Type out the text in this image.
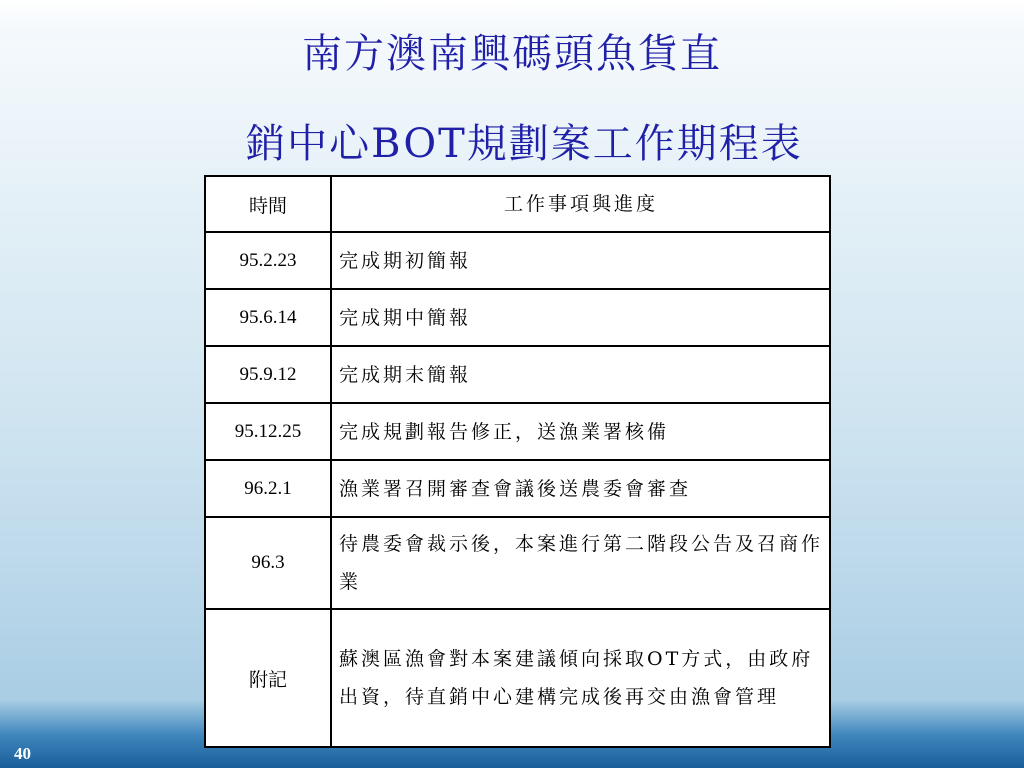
南方澳南興碼頭魚貨直
銷中心BOT規劃案工作期程表
時間	工作事項與進度
95.2.23	完成期初簡報
95.6.14	完成期中簡報
95.9.12	完成期末簡報
95.12.25	完成規劃報告修正，送漁業署核備
96.2.1	漁業署召開審查會議後送農委會審查
96.3	待農委會裁示後，本案進行第二階段公告及召商作業
附記	蘇澳區漁會對本案建議傾向採取OT方式，由政府出資，待直銷中心建構完成後再交由漁會管理
40
